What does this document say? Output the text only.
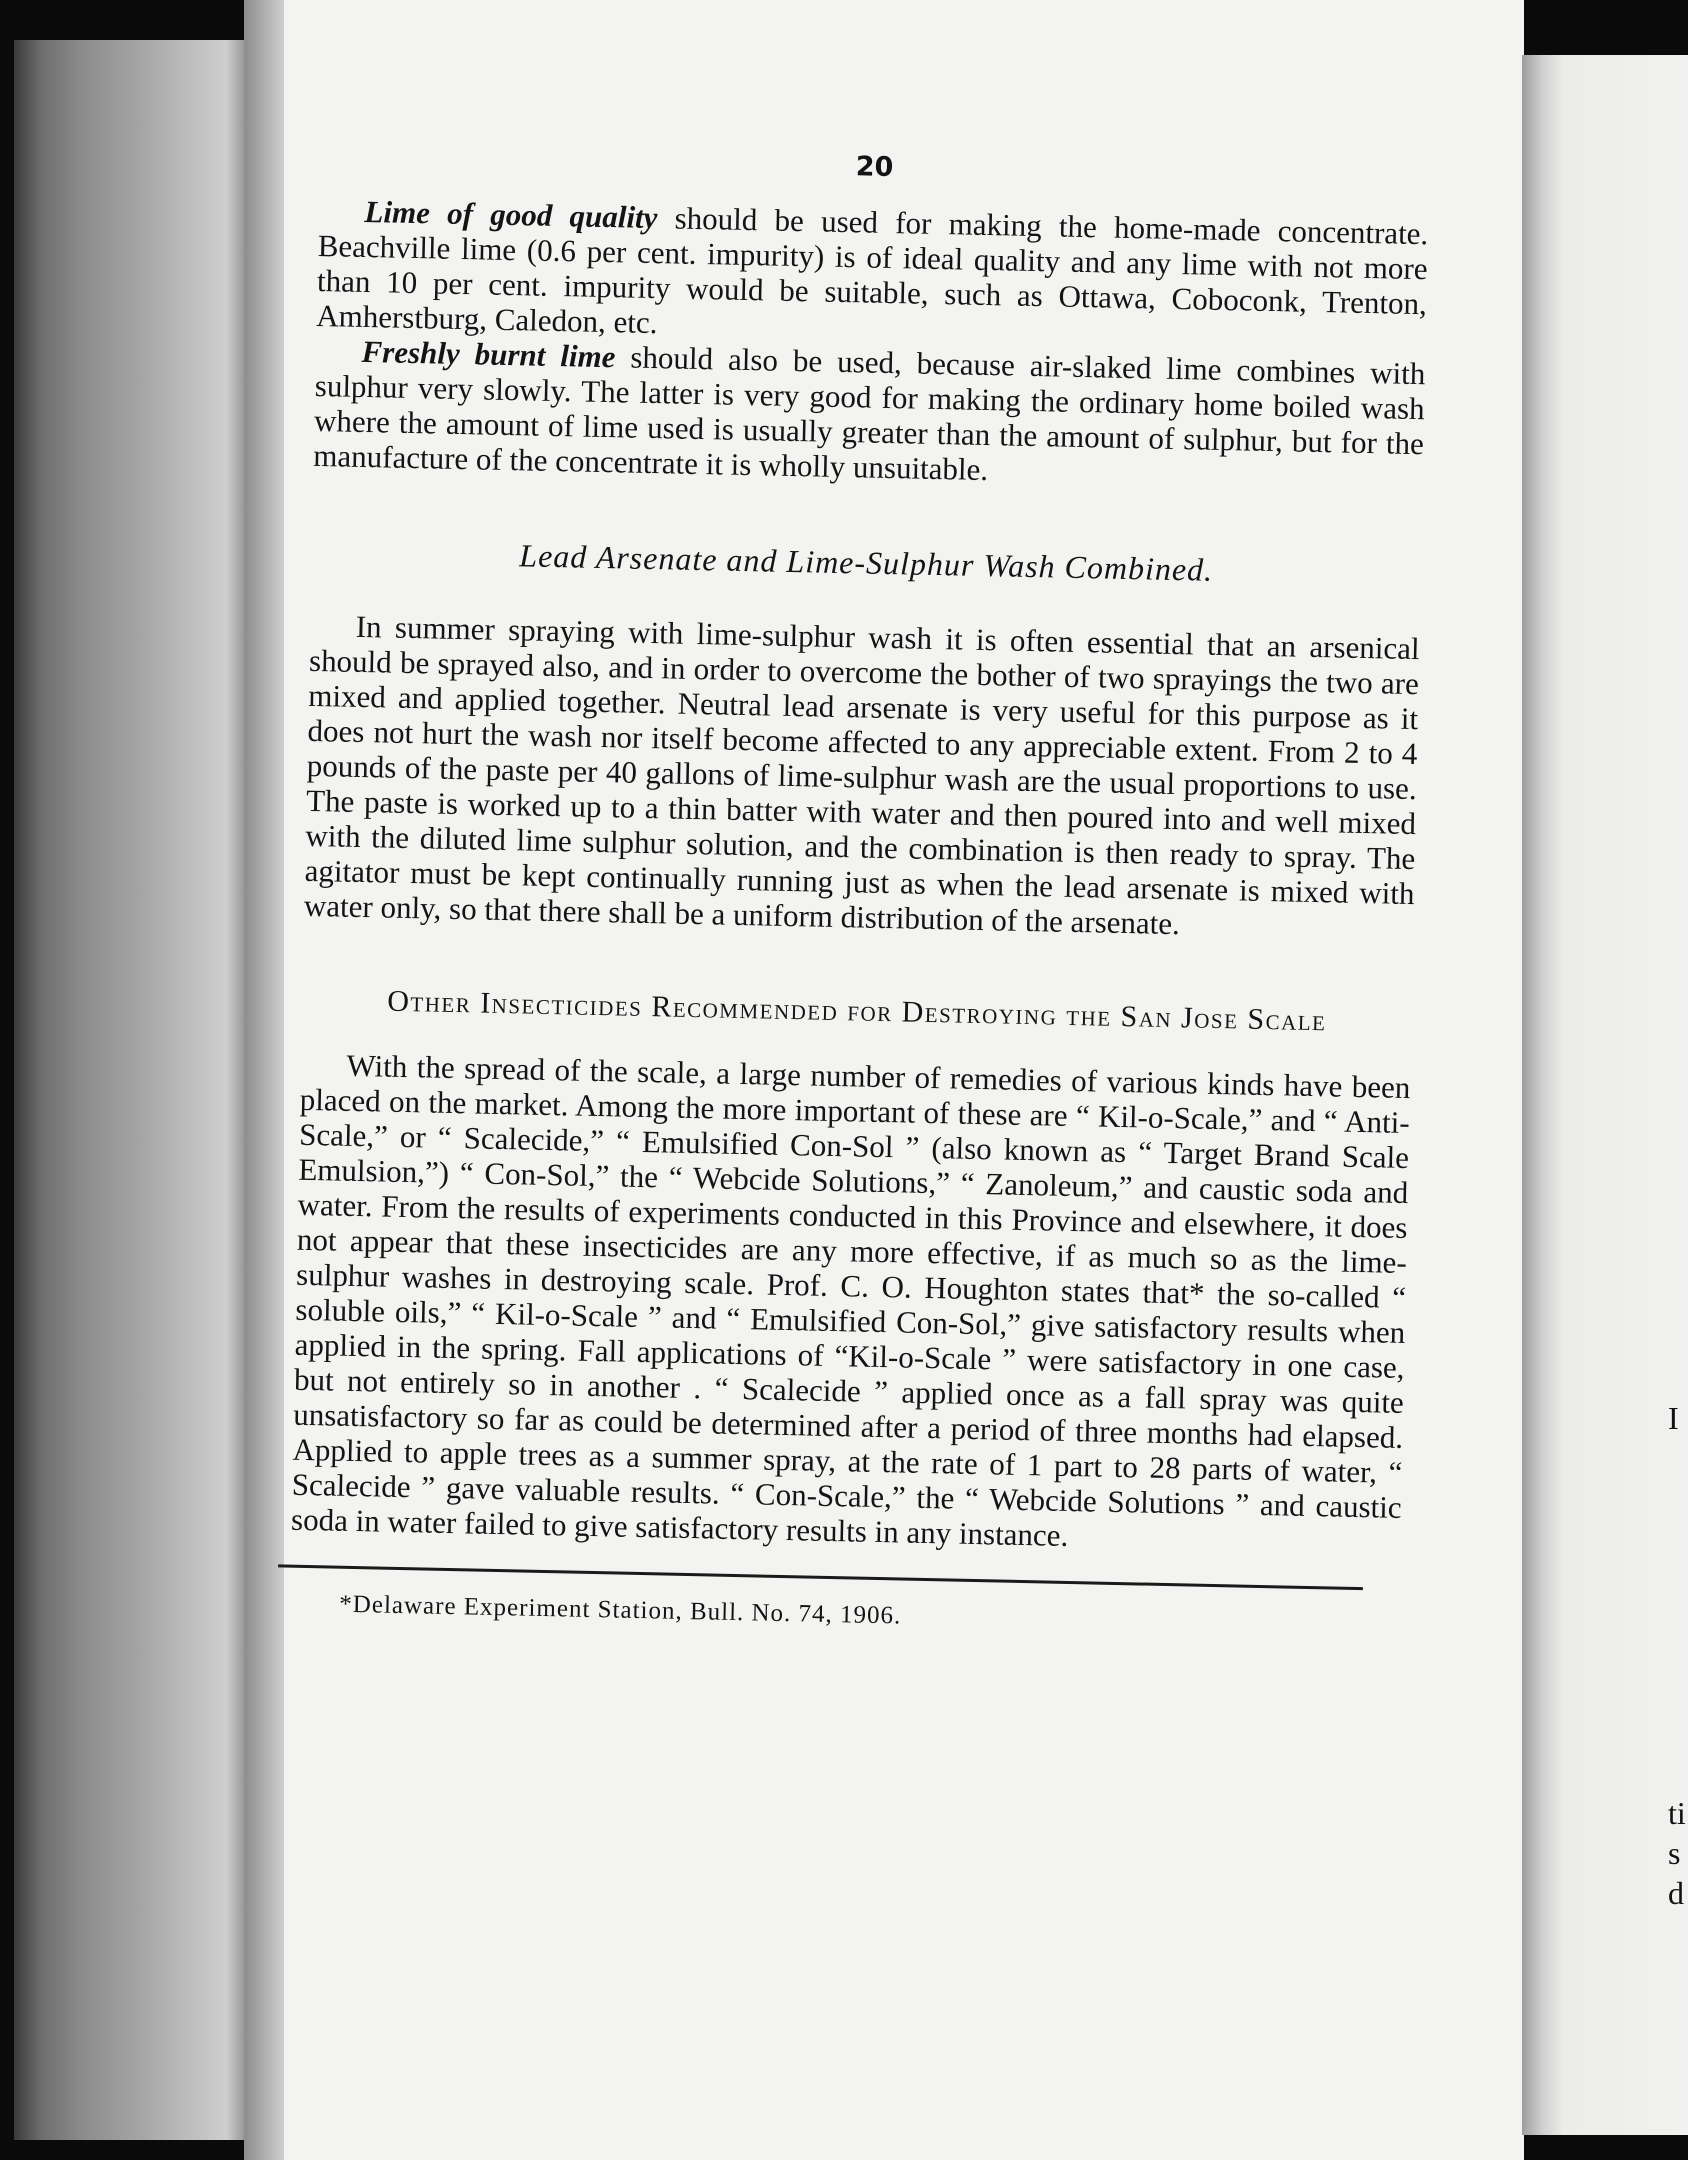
I
ti
s
d
20

Lime of good quality should be used for making the home-made concentrate. Beachville lime (0.6 per cent. impurity) is of ideal quality and any lime with not more than 10 per cent. impurity would be suitable, such as Ottawa, Coboconk, Trenton, Amherstburg, Caledon, etc.

Freshly burnt lime should also be used, because air-slaked lime combines with sulphur very slowly. The latter is very good for making the ordinary home boiled wash where the amount of lime used is usually greater than the amount of sulphur, but for the manufacture of the concentrate it is wholly unsuitable.

Lead Arsenate and Lime-Sulphur Wash Combined.

In summer spraying with lime-sulphur wash it is often essential that an arsenical should be sprayed also, and in order to overcome the bother of two sprayings the two are mixed and applied together. Neutral lead arsenate is very useful for this purpose as it does not hurt the wash nor itself become affected to any appreciable extent. From 2 to 4 pounds of the paste per 40 gallons of lime-sulphur wash are the usual proportions to use. The paste is worked up to a thin batter with water and then poured into and well mixed with the diluted lime sulphur solution, and the combination is then ready to spray. The agitator must be kept continually running just as when the lead arsenate is mixed with water only, so that there shall be a uniform distribution of the arsenate.

Other Insecticides Recommended for Destroying the San Jose Scale

With the spread of the scale, a large number of remedies of various kinds have been placed on the market. Among the more important of these are “ Kil-o-Scale,” and “ Anti-Scale,” or “ Scalecide,” “ Emulsified Con-Sol ” (also known as “ Target Brand Scale Emulsion,”) “ Con-Sol,” the “ Webcide Solutions,” “ Zanoleum,” and caustic soda and water. From the results of experiments conducted in this Province and elsewhere, it does not appear that these insecticides are any more effective, if as much so as the lime-sulphur washes in destroying scale. Prof. C. O. Houghton states that* the so-called “ soluble oils,” “ Kil-o-Scale ” and “ Emulsified Con-Sol,” give satisfactory results when applied in the spring. Fall applications of “Kil-o-Scale ” were satisfactory in one case, but not entirely so in another . “ Scalecide ” applied once as a fall spray was quite unsatisfactory so far as could be determined after a period of three months had elapsed. Applied to apple trees as a summer spray, at the rate of 1 part to 28 parts of water, “ Scalecide ” gave valuable results. “ Con-Scale,” the “ Webcide Solutions ” and caustic soda in water failed to give satisfactory results in any instance.

*Delaware Experiment Station, Bull. No. 74, 1906.
